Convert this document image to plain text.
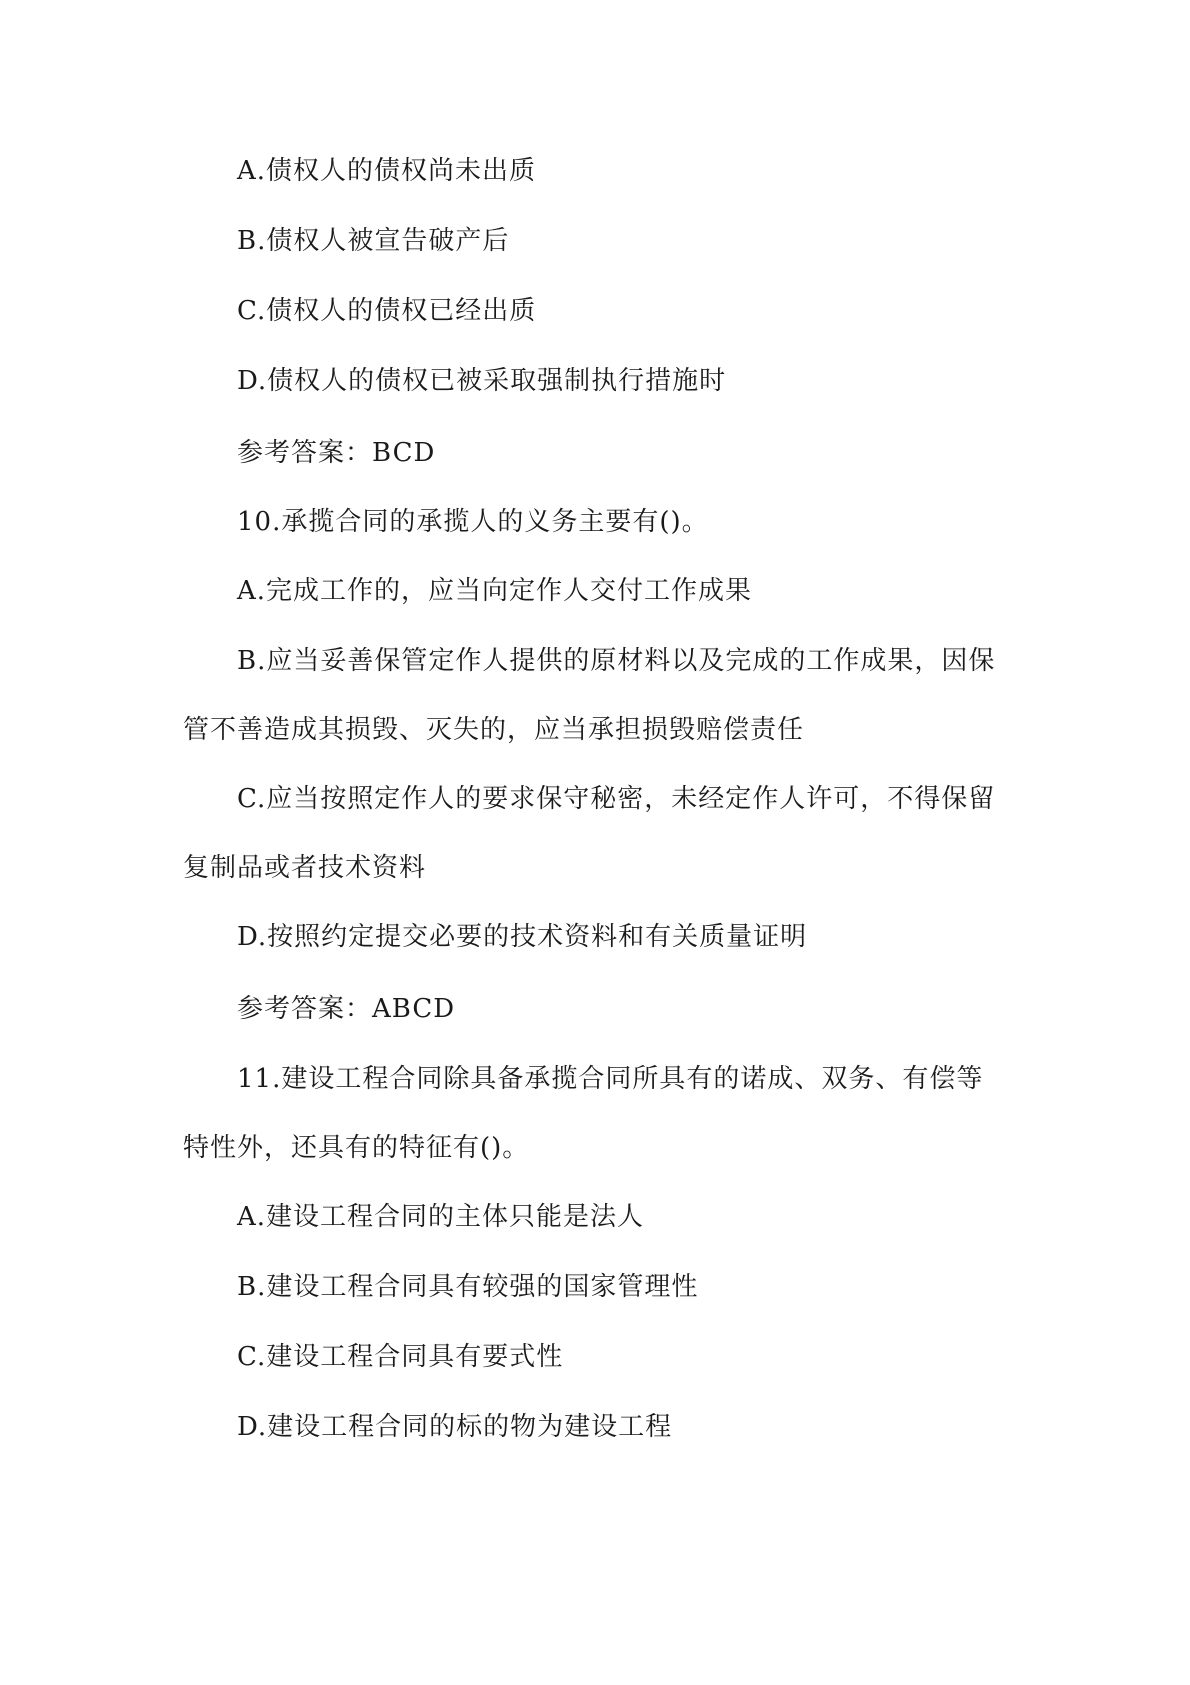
A.债权人的债权尚未出质
B.债权人被宣告破产后
C.债权人的债权已经出质
D.债权人的债权已被采取强制执行措施时
参考答案：BCD
10.承揽合同的承揽人的义务主要有()。
A.完成工作的，应当向定作人交付工作成果
B.应当妥善保管定作人提供的原材料以及完成的工作成果，因保
管不善造成其损毁、灭失的，应当承担损毁赔偿责任
C.应当按照定作人的要求保守秘密，未经定作人许可，不得保留
复制品或者技术资料
D.按照约定提交必要的技术资料和有关质量证明
参考答案：ABCD
11.建设工程合同除具备承揽合同所具有的诺成、双务、有偿等
特性外，还具有的特征有()。
A.建设工程合同的主体只能是法人
B.建设工程合同具有较强的国家管理性
C.建设工程合同具有要式性
D.建设工程合同的标的物为建设工程
